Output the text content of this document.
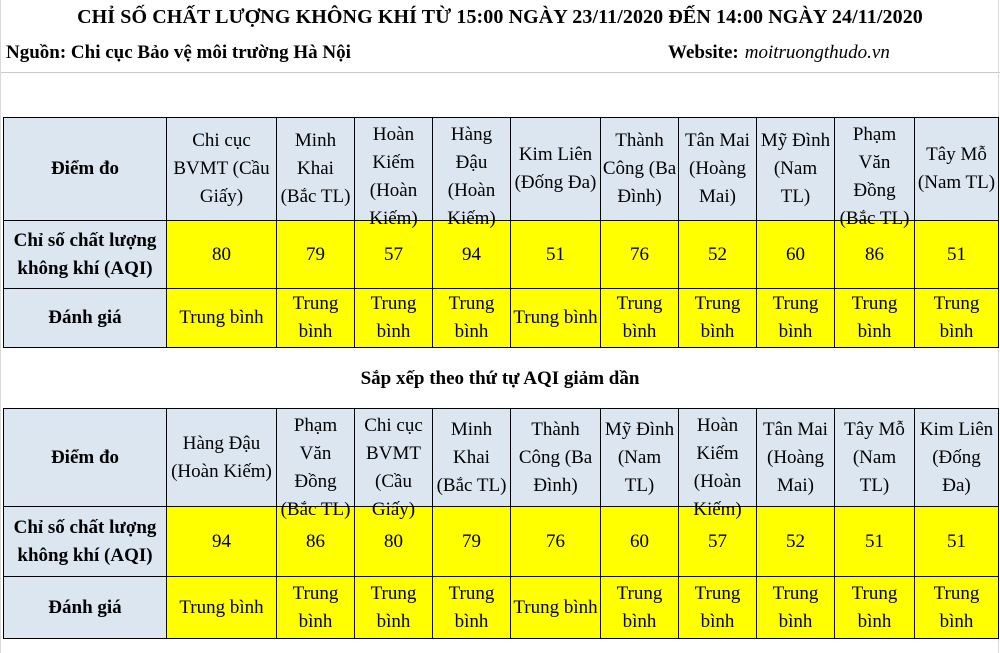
CHỈ SỐ CHẤT LƯỢNG KHÔNG KHÍ TỪ 15:00 NGÀY 23/11/2020 ĐẾN 14:00 NGÀY 24/11/2020
Nguồn: Chi cục Bảo vệ môi trường Hà Nội	Website: moitruongthudo.vn
Điểm đo	Chi cục BVMT (Cầu Giấy)	Minh Khai (Bắc TL)	Hoàn Kiếm (Hoàn Kiếm)	Hàng Đậu (Hoàn Kiếm)	Kim Liên (Đống Đa)	Thành Công (Ba Đình)	Tân Mai (Hoàng Mai)	Mỹ Đình (Nam TL)	Phạm Văn Đồng (Bắc TL)	Tây Mỗ (Nam TL)

Chỉ số chất lượng không khí (AQI)	80	79	57	94	51	76	52	60	86	51
Đánh giá	Trung bình	Trung bình	Trung bình	Trung bình	Trung bình	Trung bình	Trung bình	Trung bình	Trung bình	Trung bình
Sắp xếp theo thứ tự AQI giảm dần
Điểm đo	Hàng Đậu (Hoàn Kiếm)	Phạm Văn Đồng (Bắc TL)	Chi cục BVMT (Cầu Giấy)	Minh Khai (Bắc TL)	Thành Công (Ba Đình)	Mỹ Đình (Nam TL)	Hoàn Kiếm (Hoàn Kiếm)	Tân Mai (Hoàng Mai)	Tây Mỗ (Nam TL)	Kim Liên (Đống Đa)

Chỉ số chất lượng không khí (AQI)	94	86	80	79	76	60	57	52	51	51
Đánh giá	Trung bình	Trung bình	Trung bình	Trung bình	Trung bình	Trung bình	Trung bình	Trung bình	Trung bình	Trung bình
